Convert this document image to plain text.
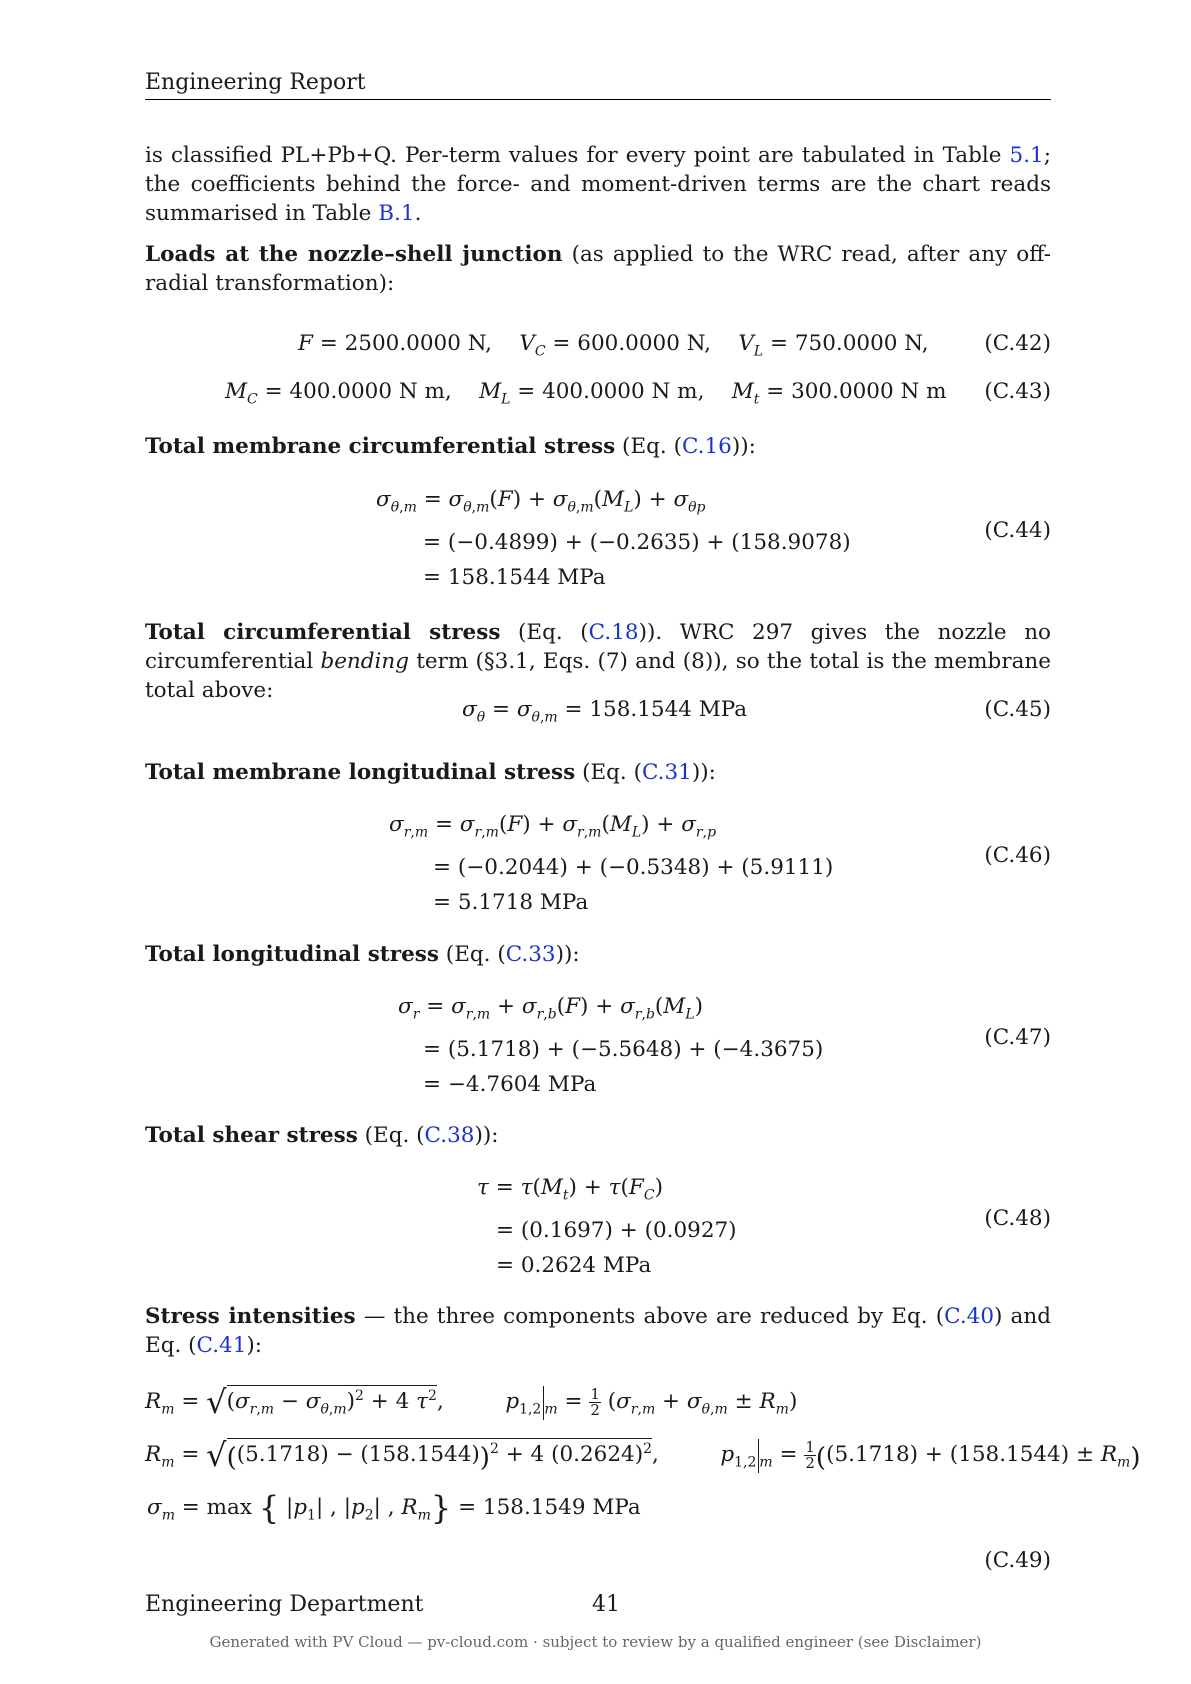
Engineering Report
is classified PL+Pb+Q. Per-term values for every point are tabulated in Table 5.1; the coefficients behind the force- and moment-driven terms are the chart reads summarised in Table B.1.
Loads at the nozzle–shell junction (as applied to the WRC read, after any off-radial transformation):
F = 2500.0000 N,    $V_C = 600.0000$ N,    $V_L = 750.0000$ N,	(C.42)
$M_C = 400.0000$ N m,    $M_L = 400.0000$ N m,    $M_t = 300.0000$ N m (C.43)
Total membrane circumferential stress (Eq. (C.16)):
$\sigma_{\theta,m} = \sigma_{\theta,m}(F) + \sigma_{\theta,m}(M_L) + \sigma_{\theta p}$
= (−0.4899) + (−0.2635) + (158.9078)
= 158.1544 MPa
(C.44)
Total circumferential stress (Eq. (C.18)). WRC 297 gives the nozzle no circumferential bending term (§3.1, Eqs. (7) and (8)), so the total is the membrane total above:
$\sigma_\theta = \sigma_{\theta,m} = 158.1544$ MPa	(C.45)
Total membrane longitudinal stress (Eq. (C.31)):
$\sigma_{r,m} = \sigma_{r,m}(F) + \sigma_{r,m}(M_L) + \sigma_{r,p}$
= (−0.2044) + (−0.5348) + (5.9111)
= 5.1718 MPa
(C.46)
Total longitudinal stress (Eq. (C.33)):
$\sigma_r = \sigma_{r,m} + \sigma_{r,b}(F) + \sigma_{r,b}(M_L)$
= (5.1718) + (−5.5648) + (−4.3675)
= −4.7604 MPa
(C.47)
Total shear stress (Eq. (C.38)):
$\tau = \tau(M_t) + \tau(F_C)$
= (0.1697) + (0.0927)
= 0.2624 MPa
(C.48)
Stress intensities — the three components above are reduced by Eq. (C.40) and Eq. (C.41):
$R_m = √(\sigma_{r,m} - \sigma_{\theta,m})^2 + 4$ $\tau^2$,         $p_{1,2}$ $_m = \frac{1}{2} (\sigma_{r,m} + \sigma_{\theta,m} \pm R_m)$
$R_m = √((5.1718) - (158.1544))^2 + 4$ $(0.2624)^2$,         $p_{1,2}$ $_m = \frac{1}{2} ((5.1718) + (158.1544) \pm R_m)$
$\sigma_m = \max$ { $|p_1|$ , $|p_2|$ , $R_m\} = 158.1549$ MPa
(C.49)
Engineering Department	41
Generated with PV Cloud — pv-cloud.com · subject to review by a qualified engineer (see Disclaimer)
